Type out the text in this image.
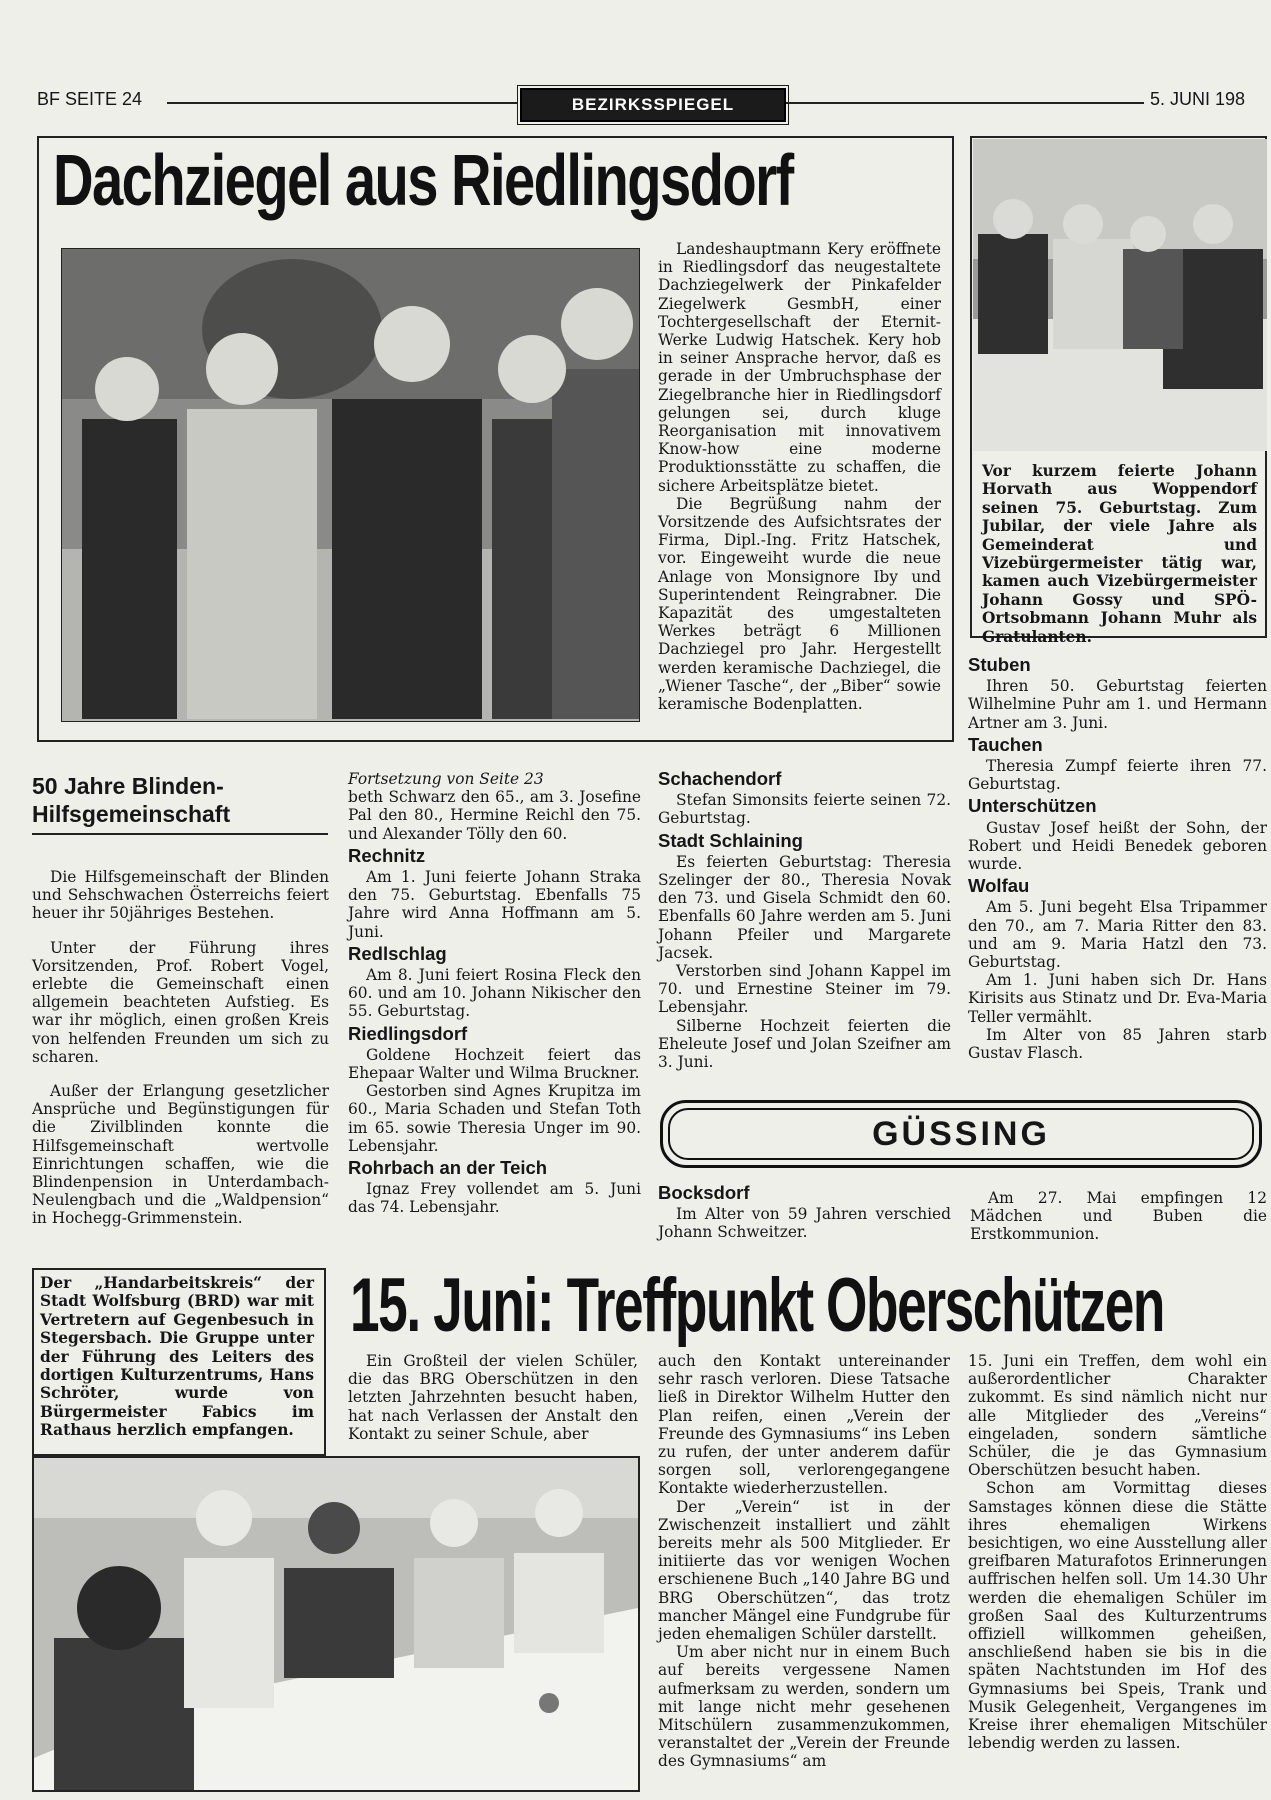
BF SEITE 24	BEZIRKSSPIEGEL	5. JUNI 198
Dachziegel aus Riedlingsdorf

Landeshauptmann Kery eröffnete in Riedlingsdorf das neugestaltete Dachziegelwerk der Pinkafelder Ziegelwerk GesmbH, einer Tochtergesellschaft der Eternit-Werke Ludwig Hatschek. Kery hob in seiner Ansprache hervor, daß es gerade in der Umbruchsphase der Ziegelbranche hier in Riedlingsdorf gelungen sei, durch kluge Reorganisation mit innovativem Know-how eine moderne Produktionsstätte zu schaffen, die sichere Arbeitsplätze bietet.

Die Begrüßung nahm der Vorsitzende des Aufsichtsrates der Firma, Dipl.-Ing. Fritz Hatschek, vor. Eingeweiht wurde die neue Anlage von Monsignore Iby und Superintendent Reingrabner. Die Kapazität des umgestalteten Werkes beträgt 6 Millionen Dachziegel pro Jahr. Hergestellt werden keramische Dachziegel, die „Wiener Tasche“, der „Biber“ sowie keramische Bodenplatten.

Vor kurzem feierte Johann Horvath aus Woppendorf seinen 75. Geburtstag. Zum Jubilar, der viele Jahre als Gemeinderat und Vizebürgermeister tätig war, kamen auch Vizebürgermeister Johann Gossy und SPÖ-Ortsobmann Johann Muhr als Gratulanten.
Stuben

Ihren 50. Geburtstag feierten Wilhelmine Puhr am 1. und Hermann Artner am 3. Juni.

Tauchen

Theresia Zumpf feierte ihren 77. Geburtstag.

Unterschützen

Gustav Josef heißt der Sohn, der Robert und Heidi Benedek geboren wurde.

Wolfau

Am 5. Juni begeht Elsa Tripammer den 70., am 7. Maria Ritter den 83. und am 9. Maria Hatzl den 73. Geburtstag.

Am 1. Juni haben sich Dr. Hans Kirisits aus Stinatz und Dr. Eva-Maria Teller vermählt.

Im Alter von 85 Jahren starb Gustav Flasch.

50 Jahre Blinden-Hilfsgemeinschaft

Die Hilfsgemeinschaft der Blinden und Sehschwachen Österreichs feiert heuer ihr 50jähriges Bestehen.

Unter der Führung ihres Vorsitzenden, Prof. Robert Vogel, erlebte die Gemeinschaft einen allgemein beachteten Aufstieg. Es war ihr möglich, einen großen Kreis von helfenden Freunden um sich zu scharen.

Außer der Erlangung gesetzlicher Ansprüche und Begünstigungen für die Zivilblinden konnte die Hilfsgemeinschaft wertvolle Einrichtungen schaffen, wie die Blindenpension in Unterdambach-Neulengbach und die „Waldpension“ in Hochegg-Grimmenstein.

Fortsetzung von Seite 23
beth Schwarz den 65., am 3. Josefine Pal den 80., Hermine Reichl den 75. und Alexander Tölly den 60.
Rechnitz

Am 1. Juni feierte Johann Straka den 75. Geburtstag. Ebenfalls 75 Jahre wird Anna Hoffmann am 5. Juni.

Redlschlag

Am 8. Juni feiert Rosina Fleck den 60. und am 10. Johann Nikischer den 55. Geburtstag.

Riedlingsdorf

Goldene Hochzeit feiert das Ehepaar Walter und Wilma Bruckner.

Gestorben sind Agnes Krupitza im 60., Maria Schaden und Stefan Toth im 65. sowie Theresia Unger im 90. Lebensjahr.

Rohrbach an der Teich

Ignaz Frey vollendet am 5. Juni das 74. Lebensjahr.

Schachendorf

Stefan Simonsits feierte seinen 72. Geburtstag.

Stadt Schlaining

Es feierten Geburtstag: Theresia Szelinger der 80., Theresia Novak den 73. und Gisela Schmidt den 60. Ebenfalls 60 Jahre werden am 5. Juni Johann Pfeiler und Margarete Jacsek.

Verstorben sind Johann Kappel im 70. und Ernestine Steiner im 79. Lebensjahr.

Silberne Hochzeit feierten die Eheleute Josef und Jolan Szeifner am 3. Juni.

GÜSSING
Bocksdorf

Im Alter von 59 Jahren verschied Johann Schweitzer.

Am 27. Mai empfingen 12 Mädchen und Buben die Erstkommunion.
Der „Handarbeitskreis“ der Stadt Wolfsburg (BRD) war mit Vertretern auf Gegenbesuch in Stegersbach. Die Gruppe unter der Führung des Leiters des dortigen Kulturzentrums, Hans Schröter, wurde von Bürgermeister Fabics im Rathaus herzlich empfangen.
15. Juni: Treffpunkt Oberschützen

Ein Großteil der vielen Schüler, die das BRG Oberschützen in den letzten Jahrzehnten besucht haben, hat nach Verlassen der Anstalt den Kontakt zu seiner Schule, aber

auch den Kontakt untereinander sehr rasch verloren. Diese Tatsache ließ in Direktor Wilhelm Hutter den Plan reifen, einen „Verein der Freunde des Gymnasiums“ ins Leben zu rufen, der unter anderem dafür sorgen soll, verlorengegangene Kontakte wiederherzustellen.

Der „Verein“ ist in der Zwischenzeit installiert und zählt bereits mehr als 500 Mitglieder. Er initiierte das vor wenigen Wochen erschienene Buch „140 Jahre BG und BRG Oberschützen“, das trotz mancher Mängel eine Fundgrube für jeden ehemaligen Schüler darstellt.

Um aber nicht nur in einem Buch auf bereits vergessene Namen aufmerksam zu werden, sondern um mit lange nicht mehr gesehenen Mitschülern zusammenzukommen, veranstaltet der „Verein der Freunde des Gymnasiums“ am

15. Juni ein Treffen, dem wohl ein außerordentlicher Charakter zukommt. Es sind nämlich nicht nur alle Mitglieder des „Vereins“ eingeladen, sondern sämtliche Schüler, die je das Gymnasium Oberschützen besucht haben.

Schon am Vormittag dieses Samstages können diese die Stätte ihres ehemaligen Wirkens besichtigen, wo eine Ausstellung aller greifbaren Maturafotos Erinnerungen auffrischen helfen soll. Um 14.30 Uhr werden die ehemaligen Schüler im großen Saal des Kulturzentrums offiziell willkommen geheißen, anschließend haben sie bis in die späten Nachtstunden im Hof des Gymnasiums bei Speis, Trank und Musik Gelegenheit, Vergangenes im Kreise ihrer ehemaligen Mitschüler lebendig werden zu lassen.
